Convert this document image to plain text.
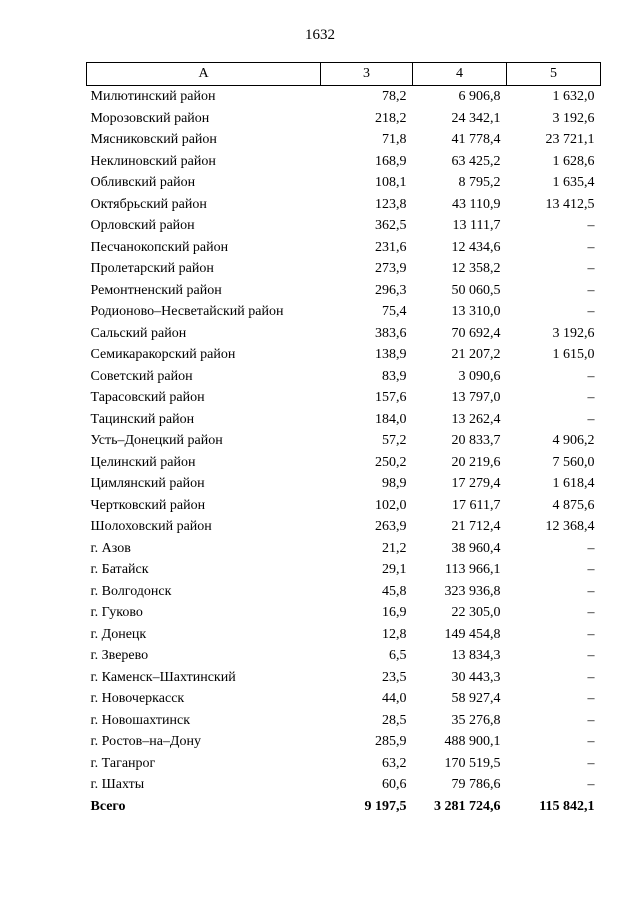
1632
А	3	4	5
Милютинский район	78,2	6 906,8	1 632,0
Морозовский район	218,2	24 342,1	3 192,6
Мясниковский район	71,8	41 778,4	23 721,1
Неклиновский район	168,9	63 425,2	1 628,6
Обливский район	108,1	8 795,2	1 635,4
Октябрьский район	123,8	43 110,9	13 412,5
Орловский район	362,5	13 111,7	–
Песчанокопский район	231,6	12 434,6	–
Пролетарский район	273,9	12 358,2	–
Ремонтненский район	296,3	50 060,5	–
Родионово–Несветайский район	75,4	13 310,0	–
Сальский район	383,6	70 692,4	3 192,6
Семикаракорский район	138,9	21 207,2	1 615,0
Советский район	83,9	3 090,6	–
Тарасовский район	157,6	13 797,0	–
Тацинский район	184,0	13 262,4	–
Усть–Донецкий район	57,2	20 833,7	4 906,2
Целинский район	250,2	20 219,6	7 560,0
Цимлянский район	98,9	17 279,4	1 618,4
Чертковский район	102,0	17 611,7	4 875,6
Шолоховский район	263,9	21 712,4	12 368,4
г. Азов	21,2	38 960,4	–
г. Батайск	29,1	113 966,1	–
г. Волгодонск	45,8	323 936,8	–
г. Гуково	16,9	22 305,0	–
г. Донецк	12,8	149 454,8	–
г. Зверево	6,5	13 834,3	–
г. Каменск–Шахтинский	23,5	30 443,3	–
г. Новочеркасск	44,0	58 927,4	–
г. Новошахтинск	28,5	35 276,8	–
г. Ростов–на–Дону	285,9	488 900,1	–
г. Таганрог	63,2	170 519,5	–
г. Шахты	60,6	79 786,6	–
Всего	9 197,5	3 281 724,6	115 842,1
